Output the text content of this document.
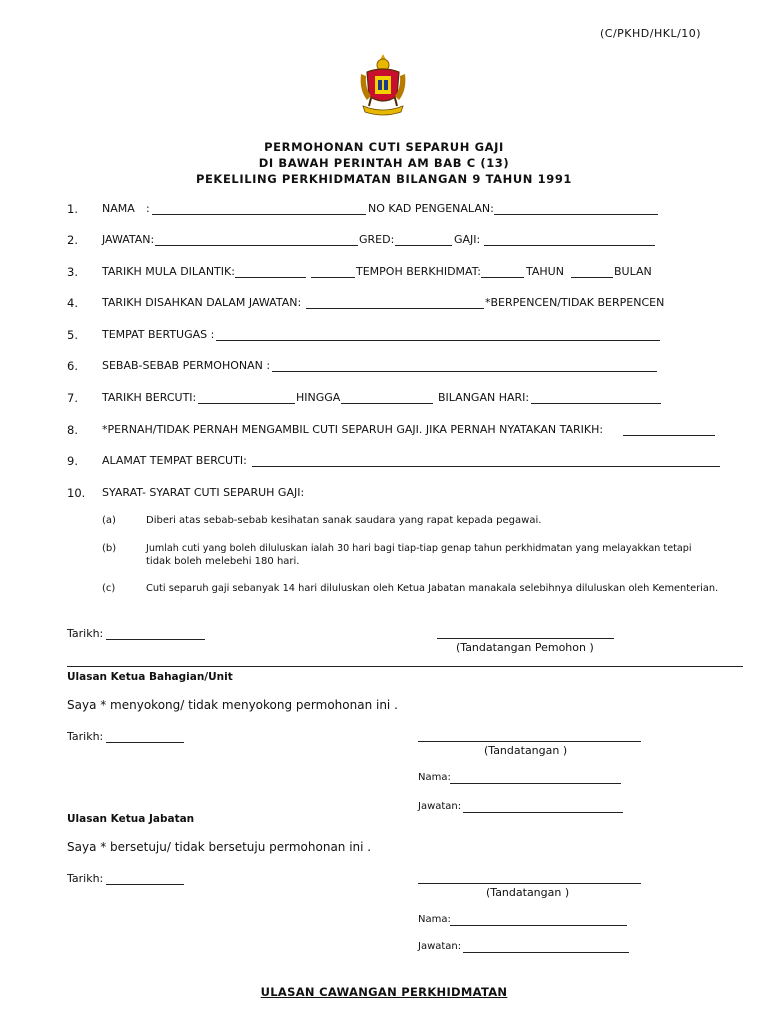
(C/PKHD/HKL/10)
PERMOHONAN CUTI SEPARUH GAJI
DI BAWAH PERINTAH AM BAB C (13)
PEKELILING PERKHIDMATAN BILANGAN 9 TAHUN 1991
1. NAMA :	NO KAD PENGENALAN:
2. JAWATAN:	GRED:	GAJI:
3. TARIKH MULA DILANTIK:	TEMPOH BERKHIDMAT:	TAHUN	BULAN
4. TARIKH DISAHKAN DALAM JAWATAN:	*BERPENCEN/TIDAK BERPENCEN
5. TEMPAT BERTUGAS :
6. SEBAB-SEBAB PERMOHONAN :
7. TARIKH BERCUTI:	HINGGA	BILANGAN HARI:
8. *PERNAH/TIDAK PERNAH MENGAMBIL CUTI SEPARUH GAJI. JIKA PERNAH NYATAKAN TARIKH:
9. ALAMAT TEMPAT BERCUTI:
10. SYARAT- SYARAT CUTI SEPARUH GAJI:
(a)	Diberi atas sebab-sebab kesihatan sanak saudara yang rapat kepada pegawai.
(b)	Jumlah cuti yang boleh diluluskan ialah 30 hari bagi tiap-tiap genap tahun perkhidmatan yang melayakkan tetapi
tidak boleh melebehi 180 hari.
(c)	Cuti separuh gaji sebanyak 14 hari diluluskan oleh Ketua Jabatan manakala selebihnya diluluskan oleh Kementerian.
Tarikh:
(Tandatangan Pemohon )
Ulasan Ketua Bahagian/Unit
Saya * menyokong/ tidak menyokong permohonan ini .
Tarikh:
(Tandatangan )
Nama:
Jawatan:
Ulasan Ketua Jabatan
Saya * bersetuju/ tidak bersetuju permohonan ini .
Tarikh:
(Tandatangan )
Nama:
Jawatan:
ULASAN CAWANGAN PERKHIDMATAN
